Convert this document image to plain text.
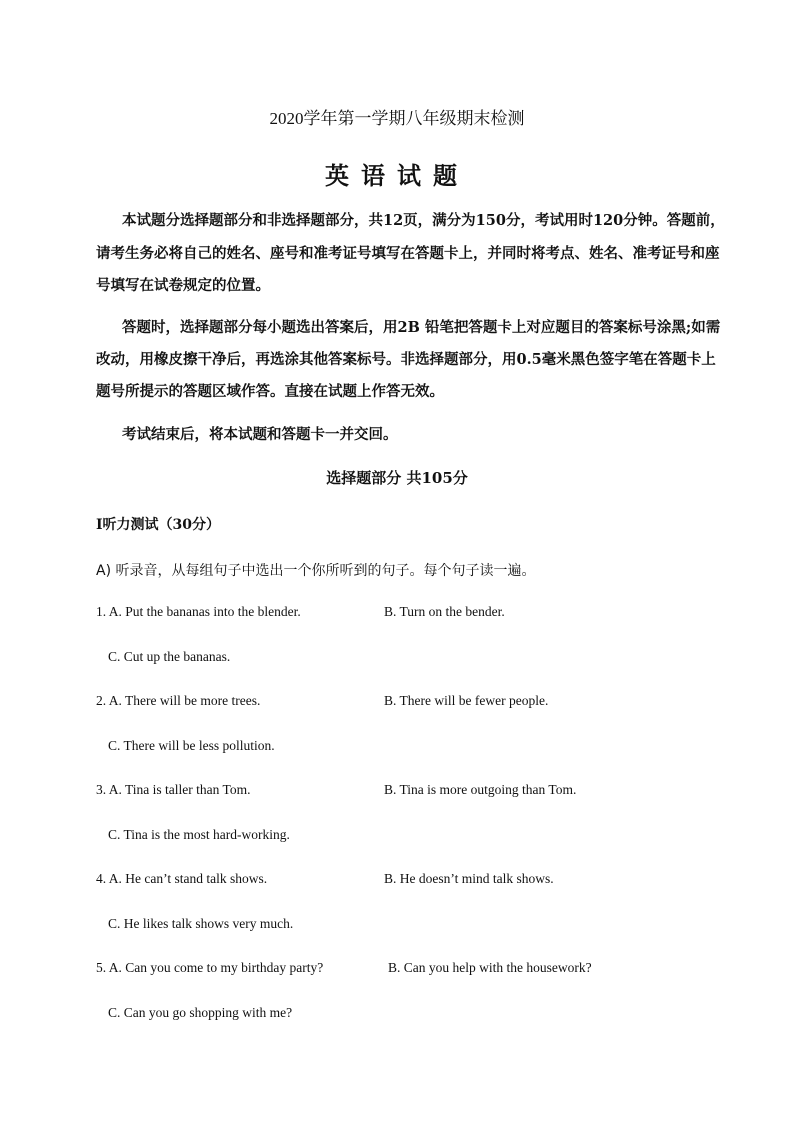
2020学年第一学期八年级期末检测
英语试题
本试题分选择题部分和非选择题部分，共12页，满分为150分，考试用时120分钟。答题前，
请考生务必将自己的姓名、座号和准考证号填写在答题卡上，并同时将考点、姓名、准考证号和座
号填写在试卷规定的位置。
答题时，选择题部分每小题选出答案后，用2B 铅笔把答题卡上对应题目的答案标号涂黑;如需
改动，用橡皮擦干净后，再选涂其他答案标号。非选择题部分，用0.5毫米黑色签字笔在答题卡上
题号所提示的答题区域作答。直接在试题上作答无效。
考试结束后，将本试题和答题卡一并交回。
选择题部分 共105分
I听力测试（30分）
A) 听录音，从每组句子中选出一个你所听到的句子。每个句子读一遍。
1. A. Put the bananas into the blender.	B. Turn on the bender.
C. Cut up the bananas.
2. A. There will be more trees.	B. There will be fewer people.
C. There will be less pollution.
3. A. Tina is taller than Tom.	B. Tina is more outgoing than Tom.
C. Tina is the most hard-working.
4. A. He can’t stand talk shows.	B. He doesn’t mind talk shows.
C. He likes talk shows very much.
5. A. Can you come to my birthday party?	B. Can you help with the housework?
C. Can you go shopping with me?
